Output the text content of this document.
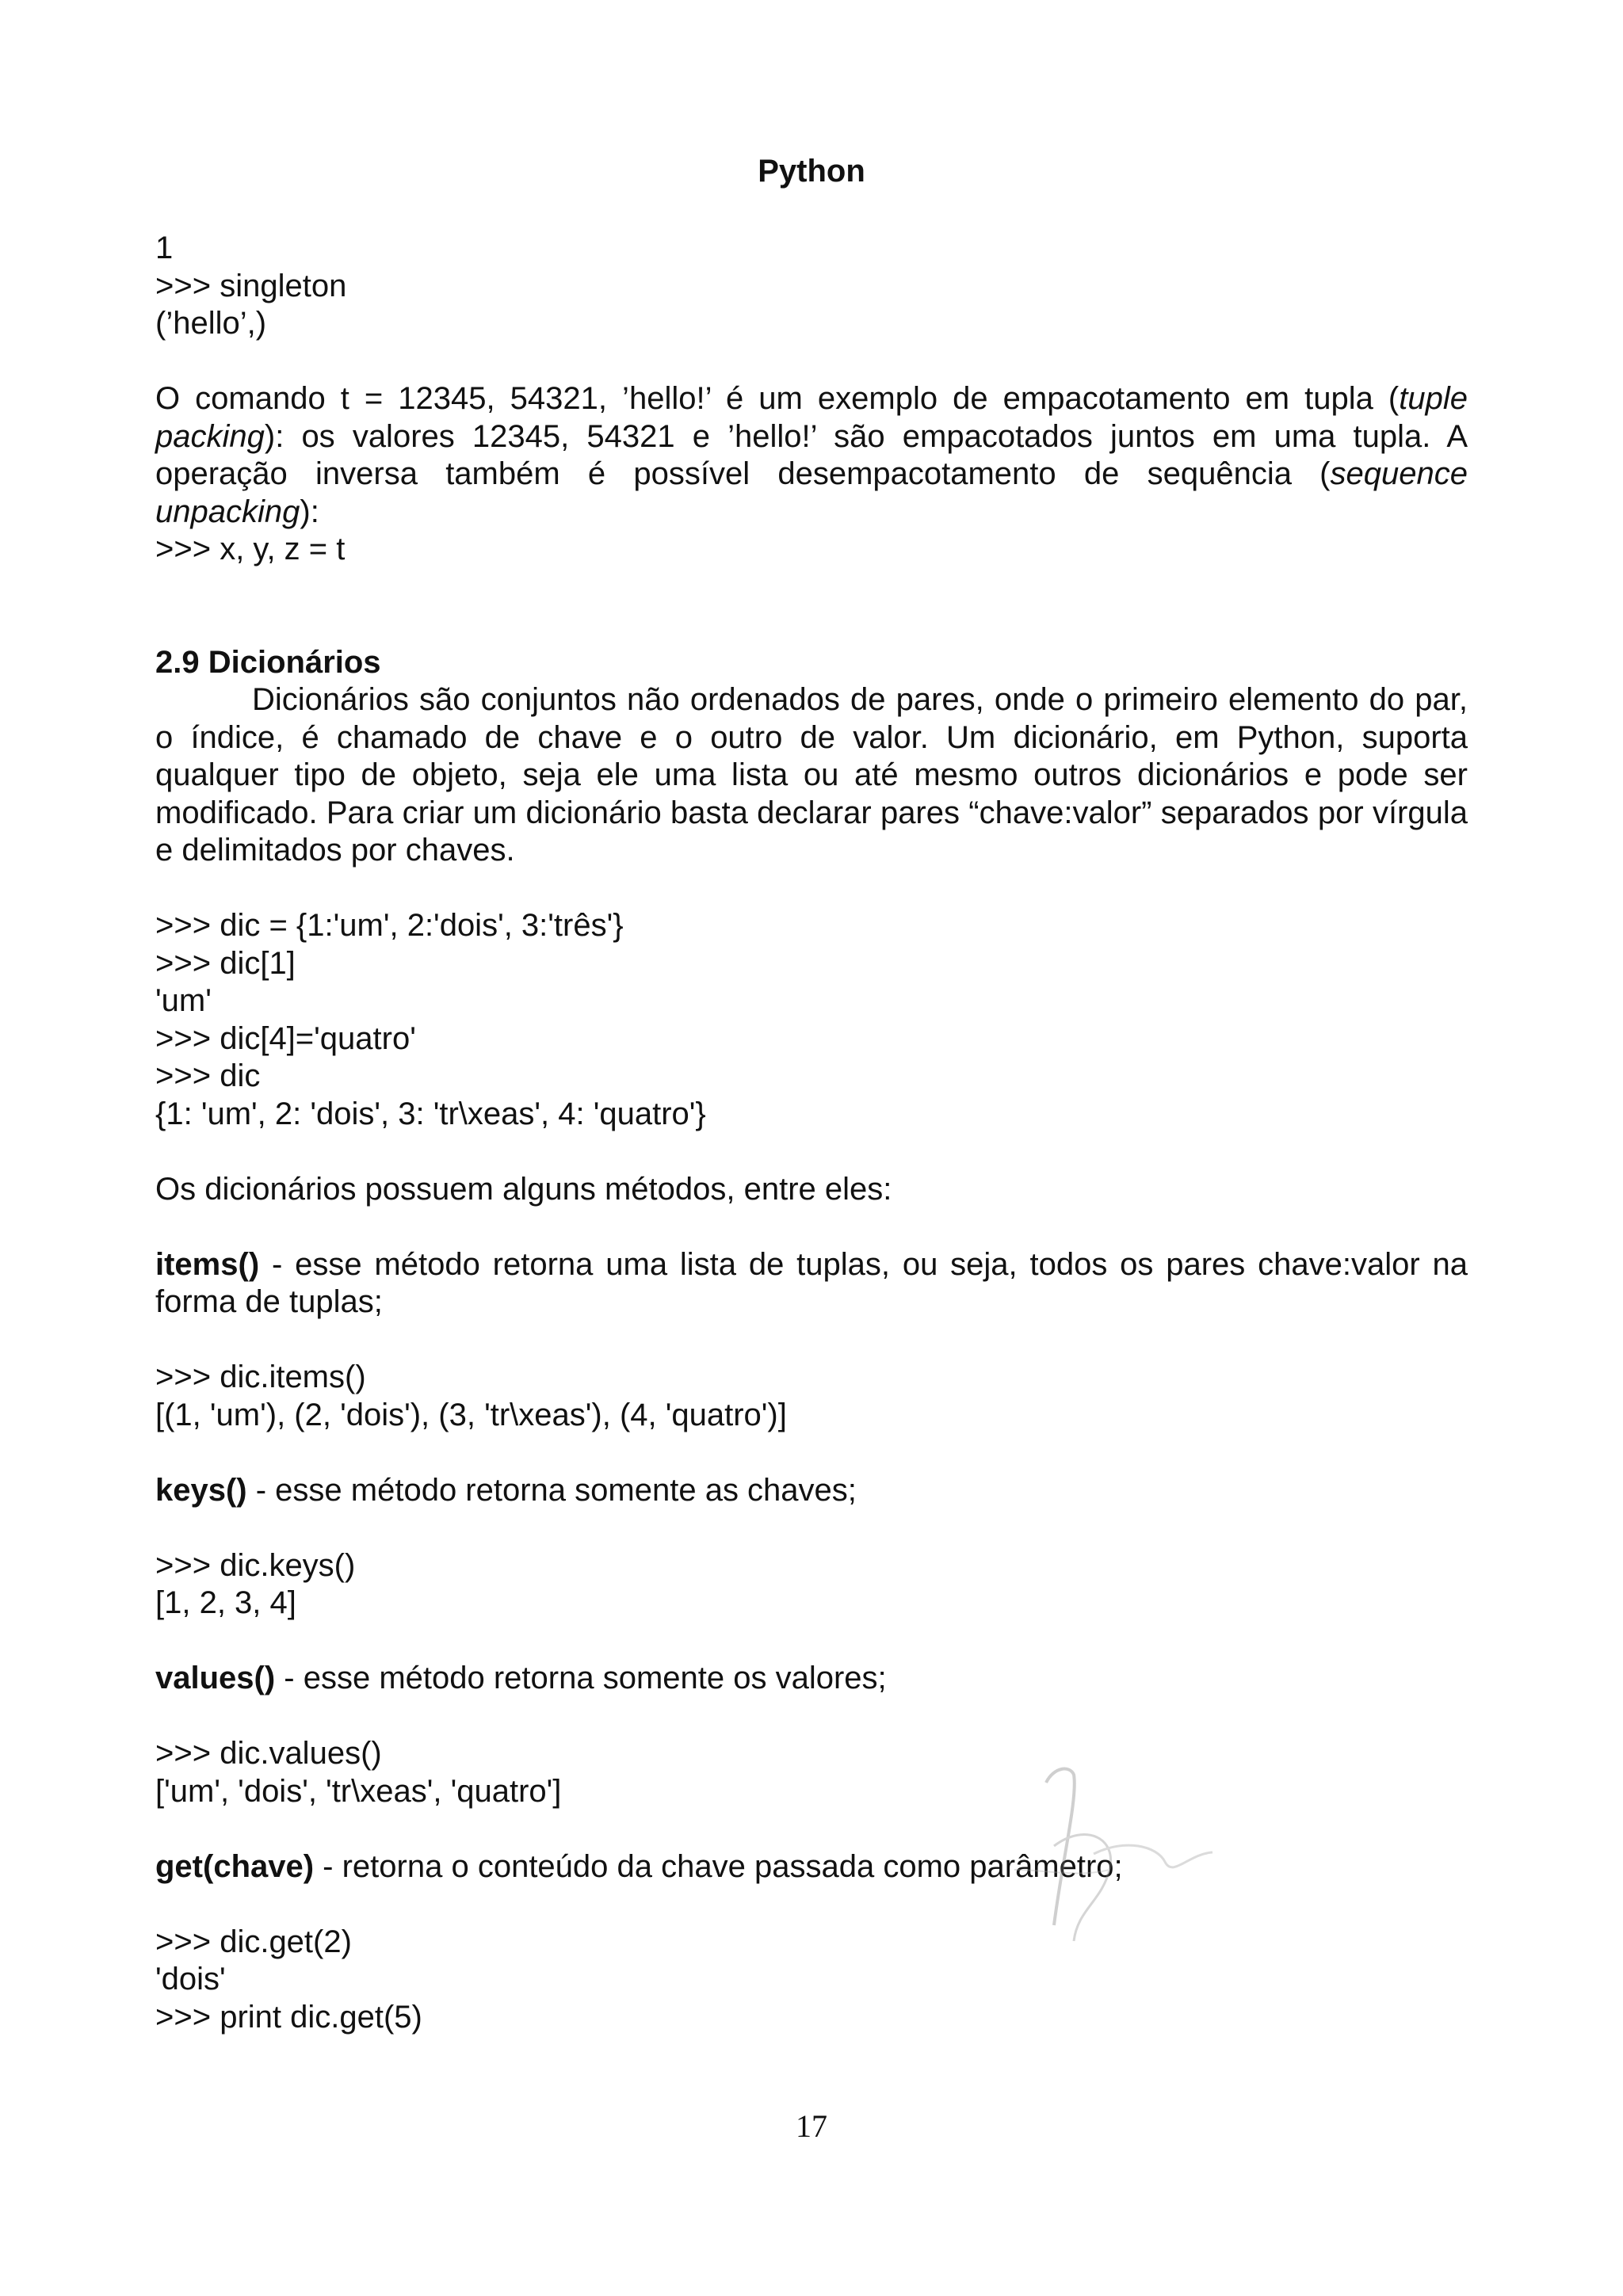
Python
1
>>> singleton
(’hello’,)

O comando t = 12345, 54321, ’hello!’ é um exemplo de empacotamento em tupla (tuple packing): os valores 12345, 54321 e ’hello!’ são empacotados juntos em uma tupla. A operação inversa também é possível desempacotamento de sequência (sequence unpacking):

>>> x, y, z = t
2.9 Dicionários

Dicionários são conjuntos não ordenados de pares, onde o primeiro elemento do par, o índice, é chamado de chave e o outro de valor. Um dicionário, em Python, suporta qualquer tipo de objeto, seja ele uma lista ou até mesmo outros dicionários e pode ser modificado. Para criar um dicionário basta declarar pares “chave:valor” separados por vírgula e delimitados por chaves.

>>> dic = {1:'um', 2:'dois', 3:'três'}
>>> dic[1]
'um'
>>> dic[4]='quatro'
>>> dic
{1: 'um', 2: 'dois', 3: 'tr\xeas', 4: 'quatro'}
Os dicionários possuem alguns métodos, entre eles:

items() - esse método retorna uma lista de tuplas, ou seja, todos os pares chave:valor na forma de tuplas;

>>> dic.items()
[(1, 'um'), (2, 'dois'), (3, 'tr\xeas'), (4, 'quatro')]

keys() - esse método retorna somente as chaves;

>>> dic.keys()
[1, 2, 3, 4]

values() - esse método retorna somente os valores;

>>> dic.values()
['um', 'dois', 'tr\xeas', 'quatro']

get(chave) - retorna o conteúdo da chave passada como parâmetro;

>>> dic.get(2)
'dois'
>>> print dic.get(5)
17
